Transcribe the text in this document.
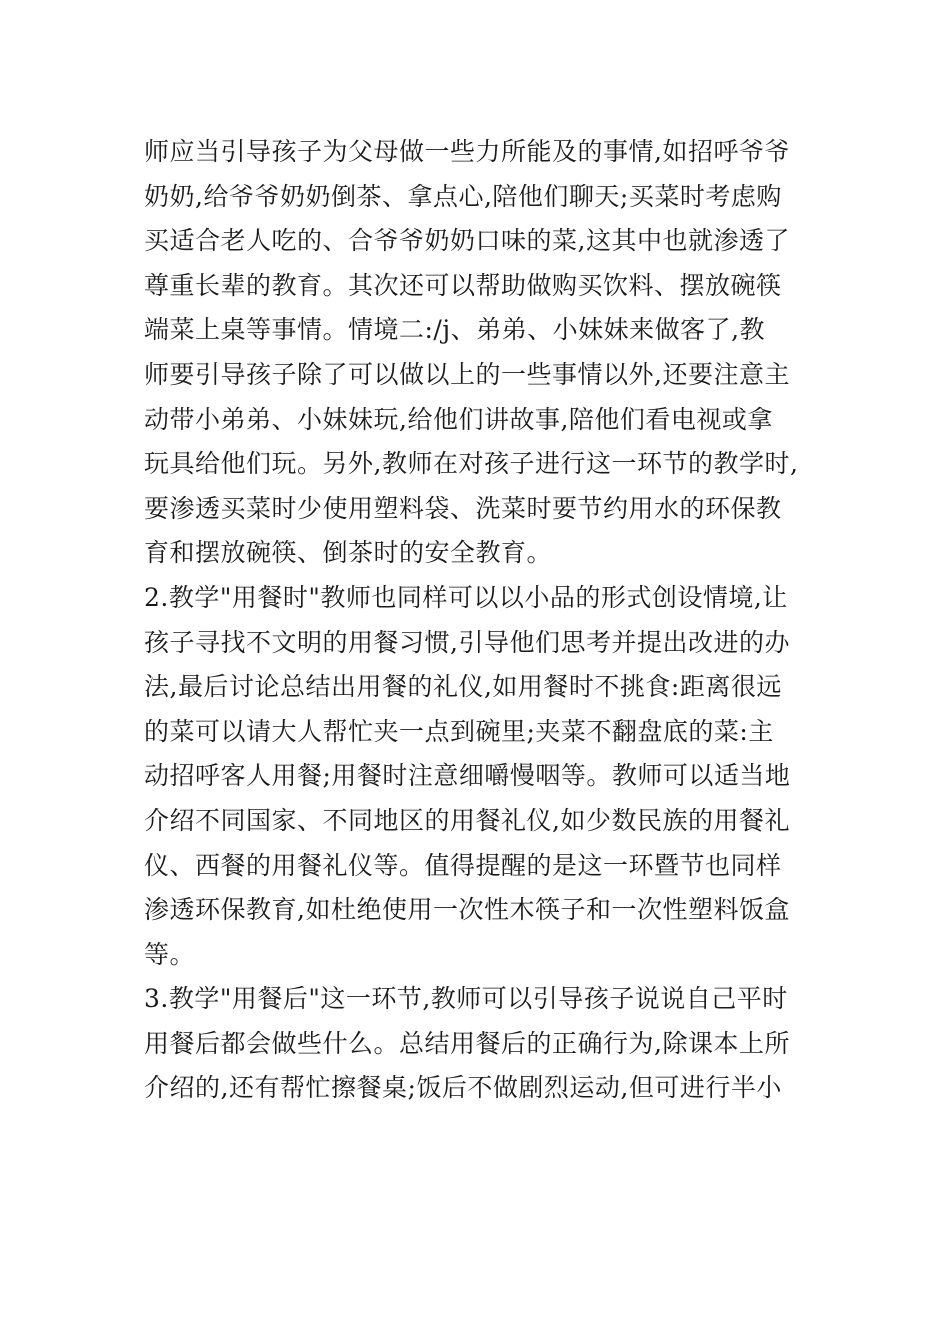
师应当引导孩子为父母做一些力所能及的事情,如招呼爷爷
奶奶,给爷爷奶奶倒茶、拿点心,陪他们聊天;买菜时考虑购
买适合老人吃的、合爷爷奶奶口味的菜,这其中也就渗透了
尊重长辈的教育。其次还可以帮助做购买饮料、摆放碗筷
端菜上桌等事情。情境二:/j、弟弟、小妹妹来做客了,教
师要引导孩子除了可以做以上的一些事情以外,还要注意主
动带小弟弟、小妹妹玩,给他们讲故事,陪他们看电视或拿
玩具给他们玩。另外,教师在对孩子进行这一环节的教学时,
要渗透买菜时少使用塑料袋、洗菜时要节约用水的环保教
育和摆放碗筷、倒茶时的安全教育。
2.教学"用餐时"教师也同样可以以小品的形式创设情境,让
孩子寻找不文明的用餐习惯,引导他们思考并提出改进的办
法,最后讨论总结出用餐的礼仪,如用餐时不挑食:距离很远
的菜可以请大人帮忙夹一点到碗里;夹菜不翻盘底的菜:主
动招呼客人用餐;用餐时注意细嚼慢咽等。教师可以适当地
介绍不同国家、不同地区的用餐礼仪,如少数民族的用餐礼
仪、西餐的用餐礼仪等。值得提醒的是这一环暨节也同样
渗透环保教育,如杜绝使用一次性木筷子和一次性塑料饭盒
等。
3.教学"用餐后"这一环节,教师可以引导孩子说说自己平时
用餐后都会做些什么。总结用餐后的正确行为,除课本上所
介绍的,还有帮忙擦餐桌;饭后不做剧烈运动,但可进行半小
